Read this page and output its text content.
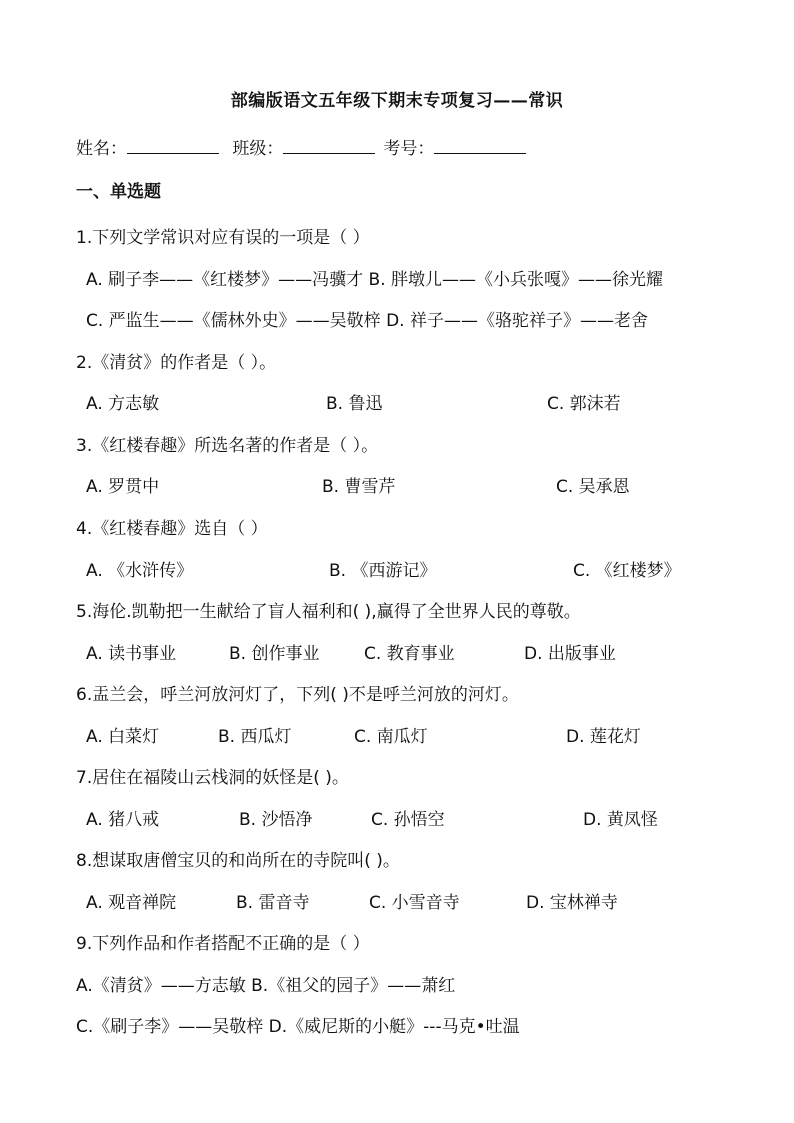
部编版语文五年级下期末专项复习——常识
姓名：	班级：	考号：
一、单选题
1.下列文学常识对应有误的一项是（ ）
A. 刷子李——《红楼梦》——冯骥才 B. 胖墩儿——《小兵张嘎》——徐光耀
C. 严监生——《儒林外史》——吴敬梓 D. 祥子——《骆驼祥子》——老舍
2.《清贫》的作者是（ ）。
A. 方志敏	B. 鲁迅	C. 郭沫若
3.《红楼春趣》所选名著的作者是（ ）。
A. 罗贯中	B. 曹雪芹	C. 吴承恩
4.《红楼春趣》选自（ ）
A. 《水浒传》	B. 《西游记》	C. 《红楼梦》
5.海伦.凯勒把一生献给了盲人福利和( ),赢得了全世界人民的尊敬。
A. 读书事业	B. 创作事业	C. 教育事业	D. 出版事业
6.盂兰会，呼兰河放河灯了，下列( )不是呼兰河放的河灯。
A. 白菜灯	B. 西瓜灯	C. 南瓜灯	D. 莲花灯
7.居住在福陵山云栈洞的妖怪是( )。
A. 猪八戒	B. 沙悟净	C. 孙悟空	D. 黄凤怪
8.想谋取唐僧宝贝的和尚所在的寺院叫( )。
A. 观音禅院	B. 雷音寺	C. 小雪音寺	D. 宝林禅寺
9.下列作品和作者搭配不正确的是（ ）
A.《清贫》——方志敏 B.《祖父的园子》——萧红
C.《刷子李》——吴敬梓 D.《威尼斯的小艇》---马克•吐温
